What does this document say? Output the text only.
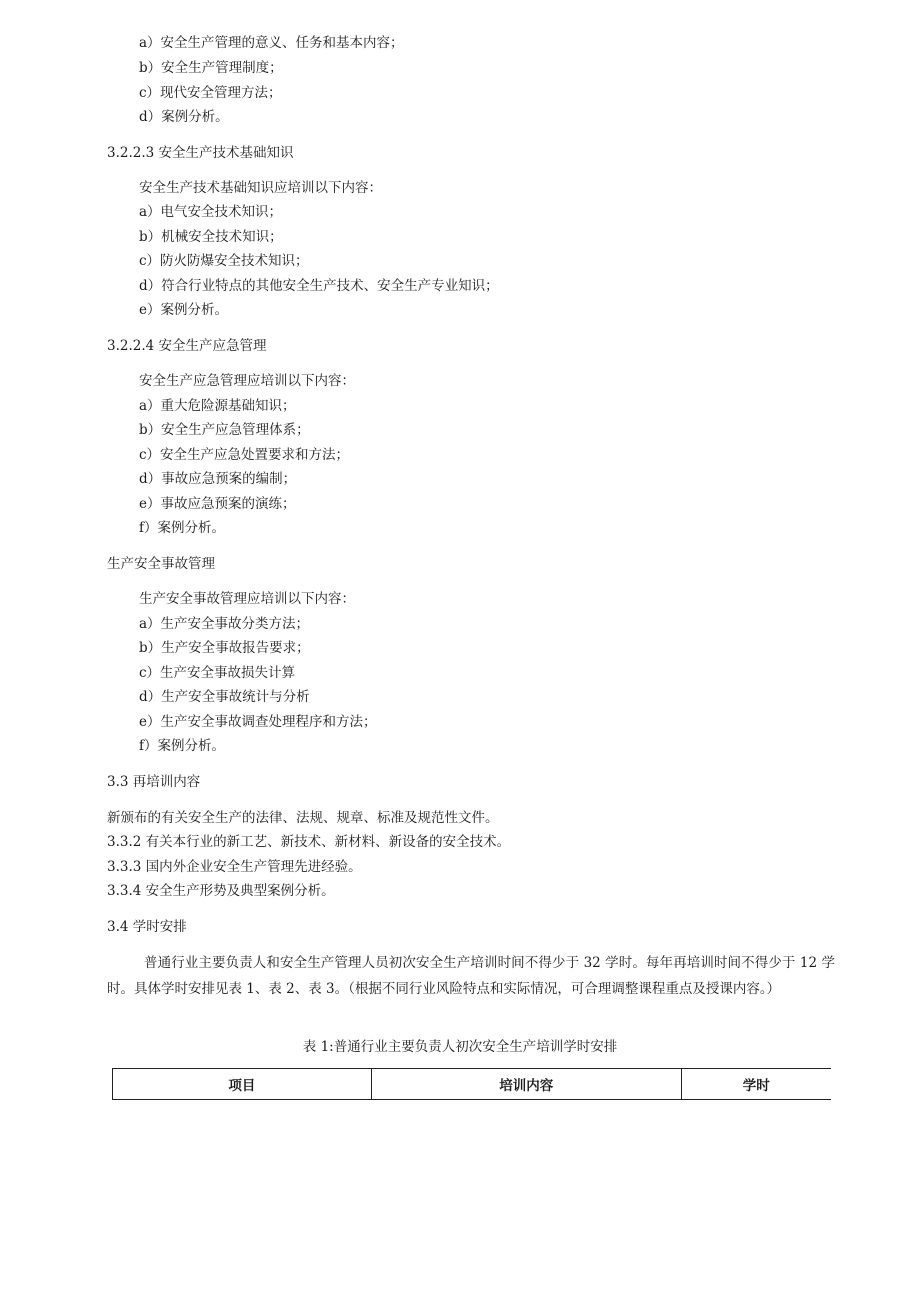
a）安全生产管理的意义、任务和基本内容；
b）安全生产管理制度；
c）现代安全管理方法；
d）案例分析。
3.2.2.3 安全生产技术基础知识
安全生产技术基础知识应培训以下内容：
a）电气安全技术知识；
b）机械安全技术知识；
c）防火防爆安全技术知识；
d）符合行业特点的其他安全生产技术、安全生产专业知识；
e）案例分析。
3.2.2.4 安全生产应急管理
安全生产应急管理应培训以下内容：
a）重大危险源基础知识；
b）安全生产应急管理体系；
c）安全生产应急处置要求和方法；
d）事故应急预案的编制；
e）事故应急预案的演练；
f）案例分析。
生产安全事故管理
生产安全事故管理应培训以下内容：
a）生产安全事故分类方法；
b）生产安全事故报告要求；
c）生产安全事故损失计算
d）生产安全事故统计与分析
e）生产安全事故调查处理程序和方法；
f）案例分析。
3.3 再培训内容
新颁布的有关安全生产的法律、法规、规章、标准及规范性文件。
3.3.2 有关本行业的新工艺、新技术、新材料、新设备的安全技术。
3.3.3 国内外企业安全生产管理先进经验。
3.3.4 安全生产形势及典型案例分析。
3.4 学时安排
普通行业主要负责人和安全生产管理人员初次安全生产培训时间不得少于 32 学时。每年再培训时间不得少于 12 学时。具体学时安排见表 1、表 2、表 3。（根据不同行业风险特点和实际情况，可合理调整课程重点及授课内容。）
表 1:普通行业主要负责人初次安全生产培训学时安排
项目	培训内容	学时
